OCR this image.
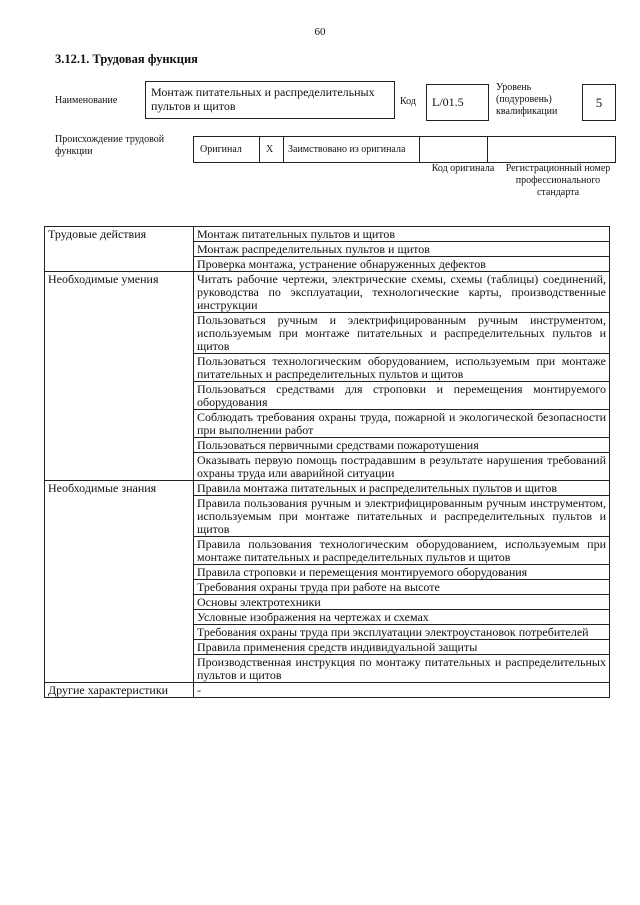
60
3.12.1. Трудовая функция
Наименование
Монтаж питательных и распределительных пультов и щитов	Код	L/01.5
Уровень (подуровень) квалификации
5
Происхождение трудовой функции	Оригинал	X	Заимствовано из оригинала		
Код оригинала	Регистрационный номер профессионального стандарта
Трудовые действия	Монтаж питательных пультов и щитов
	Монтаж распределительных пультов и щитов
	Проверка монтажа, устранение обнаруженных дефектов
Необходимые умения	Читать рабочие чертежи, электрические схемы, схемы (таблицы) соединений, руководства по эксплуатации, технологические карты, производственные инструкции
	Пользоваться ручным и электрифицированным ручным инструментом, используемым при монтаже питательных и распределительных пультов и щитов
	Пользоваться технологическим оборудованием, используемым при монтаже питательных и распределительных пультов и щитов
	Пользоваться средствами для строповки и перемещения монтируемого оборудования
	Соблюдать требования охраны труда, пожарной и экологической безопасности при выполнении работ
	Пользоваться первичными средствами пожаротушения
	Оказывать первую помощь пострадавшим в результате нарушения требований охраны труда или аварийной ситуации
Необходимые знания	Правила монтажа питательных и распределительных пультов и щитов
	Правила пользования ручным и электрифицированным ручным инструментом, используемым при монтаже питательных и распределительных пультов и щитов
	Правила пользования технологическим оборудованием, используемым при монтаже питательных и распределительных пультов и щитов
	Правила строповки и перемещения монтируемого оборудования
	Требования охраны труда при работе на высоте
	Основы электротехники
	Условные изображения на чертежах и схемах
	Требования охраны труда при эксплуатации электроустановок потребителей
	Правила применения средств индивидуальной защиты
	Производственная инструкция по монтажу питательных и распределительных пультов и щитов
Другие характеристики	-
